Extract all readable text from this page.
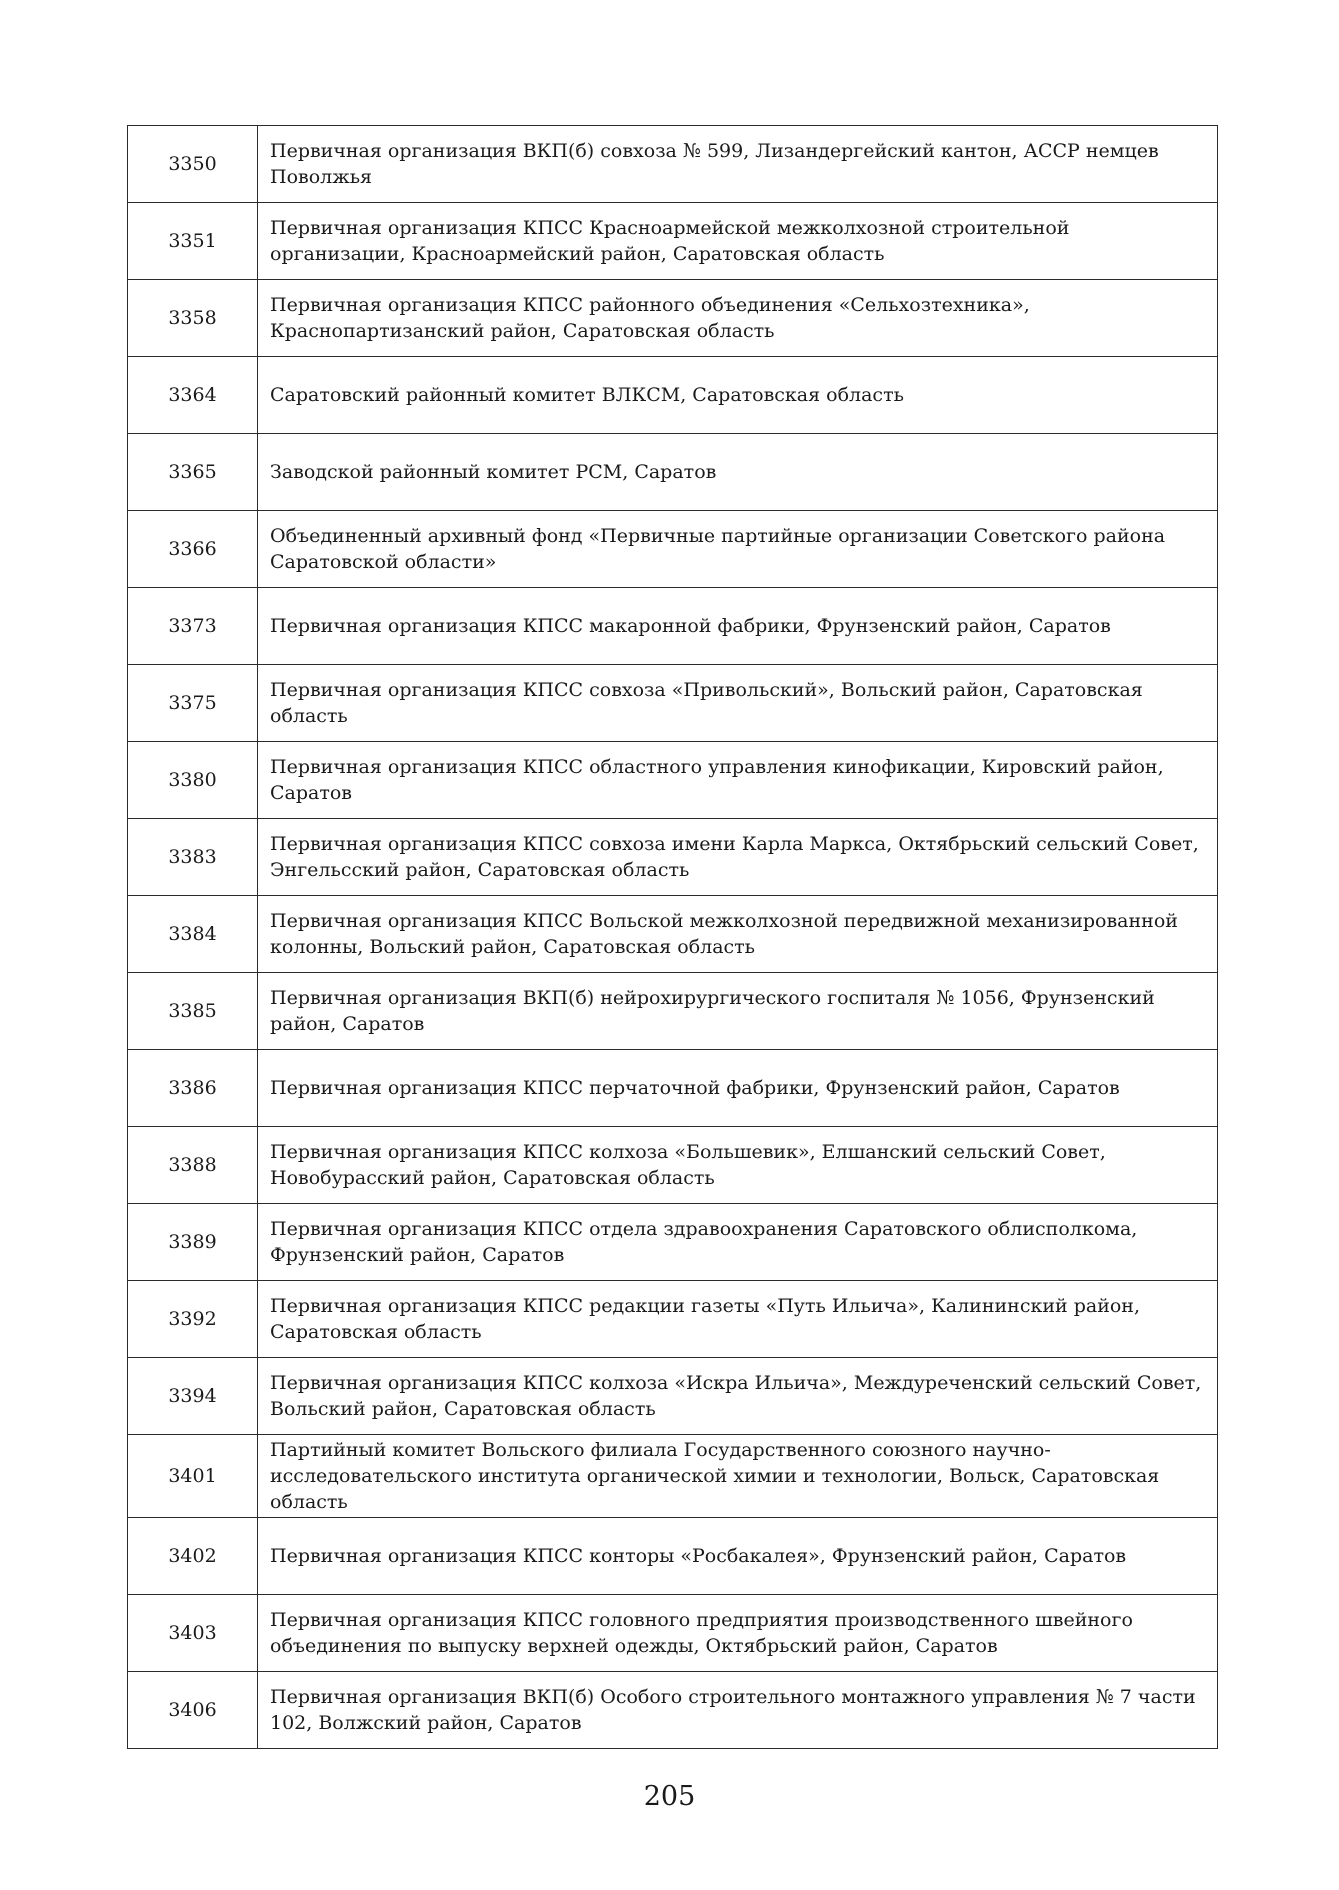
3350	Первичная организация ВКП(б) совхоза № 599, Лизандергейский кантон, АССР немцев Поволжья
3351	Первичная организация КПСС Красноармейской межколхозной строительной организации, Красноармейский район, Саратовская область
3358	Первичная организация КПСС районного объединения «Сельхозтехника», Краснопартизанский район, Саратовская область
3364	Саратовский районный комитет ВЛКСМ, Саратовская область
3365	Заводской районный комитет РСМ, Саратов
3366	Объединенный архивный фонд «Первичные партийные организации Советского района Саратовской области»
3373	Первичная организация КПСС макаронной фабрики, Фрунзенский район, Саратов
3375	Первичная организация КПСС совхоза «Привольский», Вольский район, Саратовская область
3380	Первичная организация КПСС областного управления кинофикации, Кировский район, Саратов
3383	Первичная организация КПСС совхоза имени Карла Маркса, Октябрьский сельский Совет, Энгельсский район, Саратовская область
3384	Первичная организация КПСС Вольской межколхозной передвижной механизированной колонны, Вольский район, Саратовская область
3385	Первичная организация ВКП(б) нейрохирургического госпиталя № 1056, Фрунзенский район, Саратов
3386	Первичная организация КПСС перчаточной фабрики, Фрунзенский район, Саратов
3388	Первичная организация КПСС колхоза «Большевик», Елшанский сельский Совет, Новобурасский район, Саратовская область
3389	Первичная организация КПСС отдела здравоохранения Саратовского облисполкома, Фрунзенский район, Саратов
3392	Первичная организация КПСС редакции газеты «Путь Ильича», Калининский район, Саратовская область
3394	Первичная организация КПСС колхоза «Искра Ильича», Междуреченский сельский Совет, Вольский район, Саратовская область
3401	Партийный комитет Вольского филиала Государственного союзного научно-исследовательского института органической химии и технологии, Вольск, Саратовская область
3402	Первичная организация КПСС конторы «Росбакалея», Фрунзенский район, Саратов
3403	Первичная организация КПСС головного предприятия производственного швейного объединения по выпуску верхней одежды, Октябрьский район, Саратов
3406	Первичная организация ВКП(б) Особого строительного монтажного управления № 7 части 102, Волжский район, Саратов
205
